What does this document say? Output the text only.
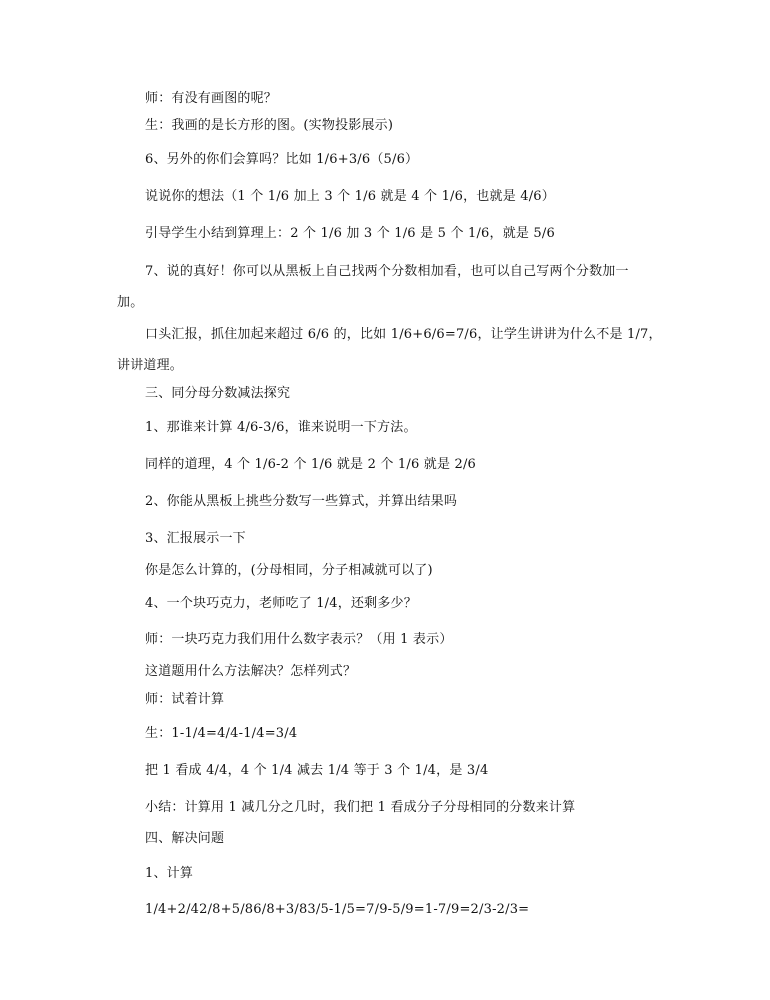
师：有没有画图的呢？
生：我画的是长方形的图。(实物投影展示)
6、另外的你们会算吗？比如 1/6+3/6（5/6）
说说你的想法（1 个 1/6 加上 3 个 1/6 就是 4 个 1/6，也就是 4/6）
引导学生小结到算理上：2 个 1/6 加 3 个 1/6 是 5 个 1/6，就是 5/6
7、说的真好！你可以从黑板上自己找两个分数相加看，也可以自己写两个分数加一
加。
口头汇报，抓住加起来超过 6/6 的，比如 1/6+6/6=7/6，让学生讲讲为什么不是 1/7，
讲讲道理。
三、同分母分数减法探究
1、那谁来计算 4/6-3/6，谁来说明一下方法。
同样的道理，4 个 1/6-2 个 1/6 就是 2 个 1/6 就是 2/6
2、你能从黑板上挑些分数写一些算式，并算出结果吗
3、汇报展示一下
你是怎么计算的，(分母相同，分子相减就可以了)
4、一个块巧克力，老师吃了 1/4，还剩多少？
师：一块巧克力我们用什么数字表示？（用 1 表示）
这道题用什么方法解决？怎样列式？
师：试着计算
生：1-1/4=4/4-1/4=3/4
把 1 看成 4/4，4 个 1/4 减去 1/4 等于 3 个 1/4，是 3/4
小结：计算用 1 减几分之几时，我们把 1 看成分子分母相同的分数来计算
四、解决问题
1、计算
1/4+2/42/8+5/86/8+3/83/5-1/5=7/9-5/9=1-7/9=2/3-2/3=
